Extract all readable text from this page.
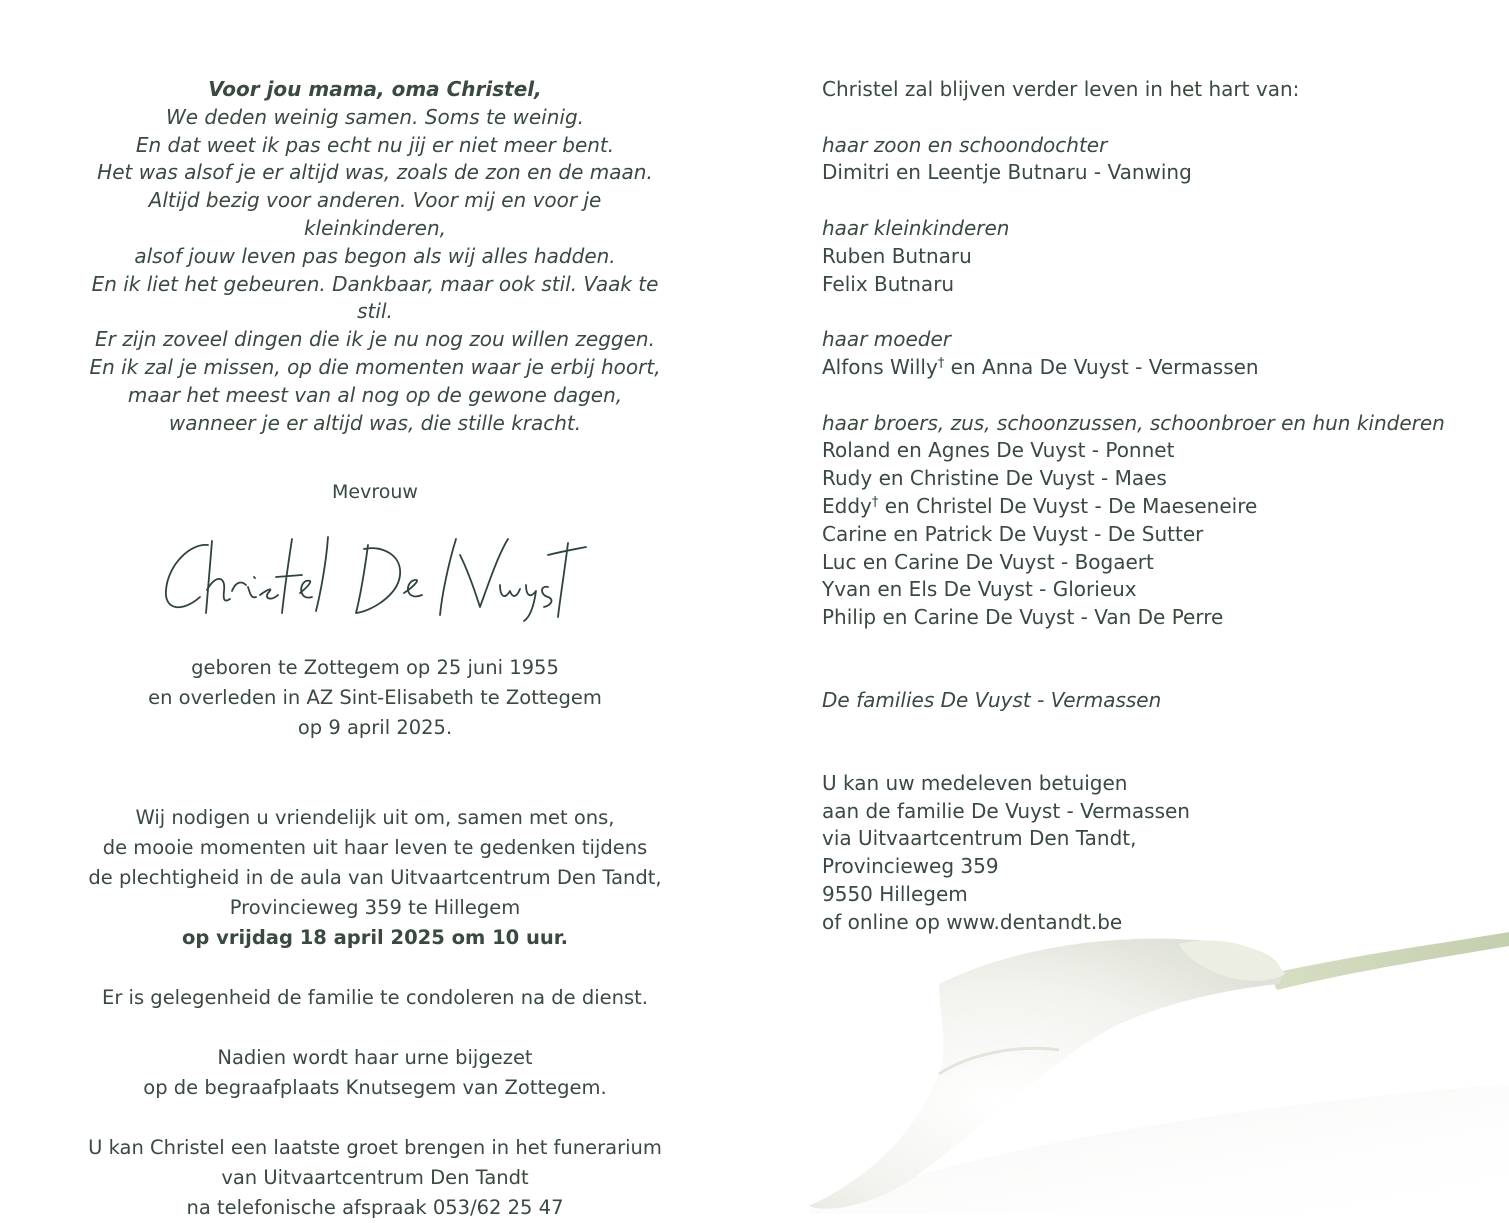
Voor jou mama, oma Christel,
We deden weinig samen. Soms te weinig.
En dat weet ik pas echt nu jij er niet meer bent.
Het was alsof je er altijd was, zoals de zon en de maan.
Altijd bezig voor anderen. Voor mij en voor je kleinkinderen,
alsof jouw leven pas begon als wij alles hadden.
En ik liet het gebeuren. Dankbaar, maar ook stil. Vaak te stil.
Er zijn zoveel dingen die ik je nu nog zou willen zeggen.
En ik zal je missen, op die momenten waar je erbij hoort,
maar het meest van al nog op de gewone dagen,
wanneer je er altijd was, die stille kracht.
Mevrouw
geboren te Zottegem op 25 juni 1955
en overleden in AZ Sint-Elisabeth te Zottegem
op 9 april 2025.
Wij nodigen u vriendelijk uit om, samen met ons,
de mooie momenten uit haar leven te gedenken tijdens
de plechtigheid in de aula van Uitvaartcentrum Den Tandt,
Provincieweg 359 te Hillegem
op vrijdag 18 april 2025 om 10 uur.
Er is gelegenheid de familie te condoleren na de dienst.
Nadien wordt haar urne bijgezet
op de begraafplaats Knutsegem van Zottegem.
U kan Christel een laatste groet brengen in het funerarium
van Uitvaartcentrum Den Tandt
na telefonische afspraak 053/62 25 47
Christel zal blijven verder leven in het hart van:
haar zoon en schoondochter
Dimitri en Leentje Butnaru - Vanwing
haar kleinkinderen
Ruben Butnaru
Felix Butnaru
haar moeder
Alfons Willy† en Anna De Vuyst - Vermassen
haar broers, zus, schoonzussen, schoonbroer en hun kinderen
Roland en Agnes De Vuyst - Ponnet
Rudy en Christine De Vuyst - Maes
Eddy† en Christel De Vuyst - De Maeseneire
Carine en Patrick De Vuyst - De Sutter
Luc en Carine De Vuyst - Bogaert
Yvan en Els De Vuyst - Glorieux
Philip en Carine De Vuyst - Van De Perre
De families De Vuyst - Vermassen
U kan uw medeleven betuigen
aan de familie De Vuyst - Vermassen
via Uitvaartcentrum Den Tandt,
Provincieweg 359
9550 Hillegem
of online op www.dentandt.be
